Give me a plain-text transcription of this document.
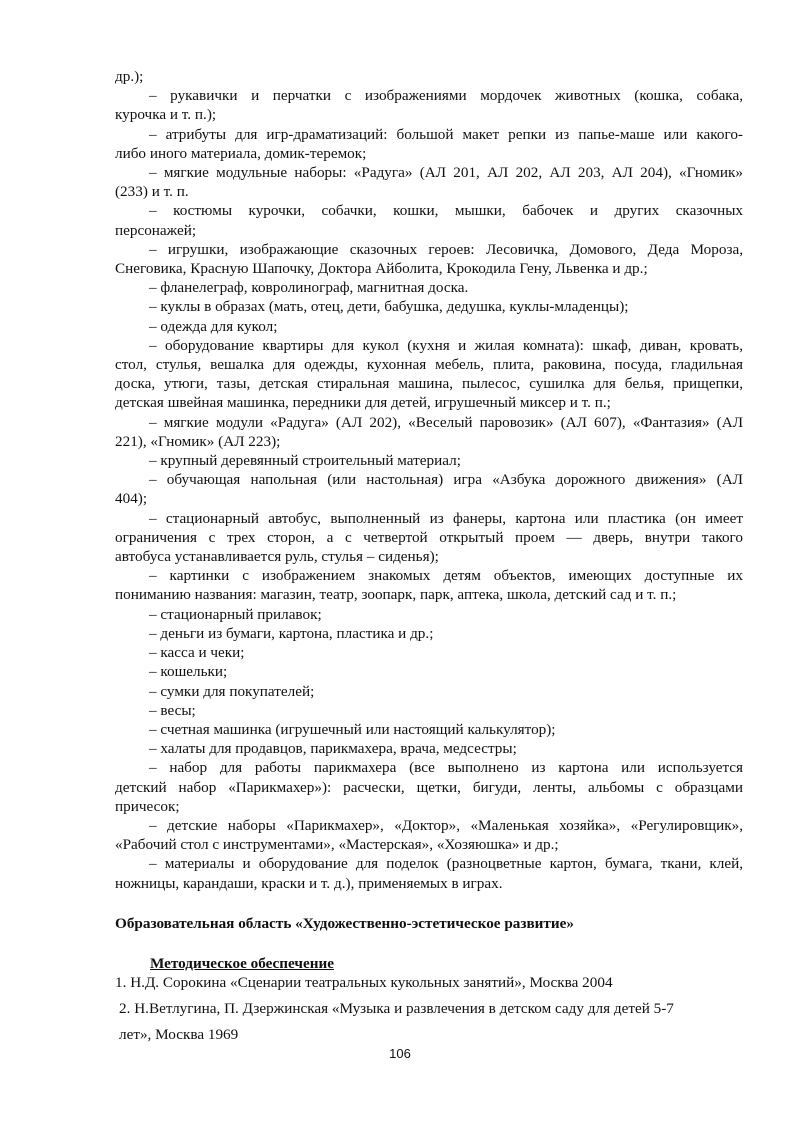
др.);

– рукавички и перчатки с изображениями мордочек животных (кошка, собака,

курочка и т. п.);

– атрибуты для игр-драматизаций: большой макет репки из папье-маше или какого-

либо иного материала, домик-теремок;

– мягкие модульные наборы: «Радуга» (АЛ 201, АЛ 202, АЛ 203, АЛ 204), «Гномик»

(233) и т. п.

– костюмы курочки, собачки, кошки, мышки, бабочек и других сказочных

персонажей;

– игрушки, изображающие сказочных героев: Лесовичка, Домового, Деда Мороза,

Снеговика, Красную Шапочку, Доктора Айболита, Крокодила Гену, Львенка и др.;

– фланелеграф, ковролинограф, магнитная доска.

– куклы в образах (мать, отец, дети, бабушка, дедушка, куклы-младенцы);

– одежда для кукол;

– оборудование квартиры для кукол (кухня и жилая комната): шкаф, диван, кровать,

стол, стулья, вешалка для одежды, кухонная мебель, плита, раковина, посуда, гладильная

доска, утюги, тазы, детская стиральная машина, пылесос, сушилка для белья, прищепки,

детская швейная машинка, передники для детей, игрушечный миксер и т. п.;

– мягкие модули «Радуга» (АЛ 202), «Веселый паровозик» (АЛ 607), «Фантазия» (АЛ

221), «Гномик» (АЛ 223);

– крупный деревянный строительный материал;

– обучающая напольная (или настольная) игра «Азбука дорожного движения» (АЛ

404);

– стационарный автобус, выполненный из фанеры, картона или пластика (он имеет

ограничения с трех сторон, а с четвертой открытый проем — дверь, внутри такого

автобуса устанавливается руль, стулья – сиденья);

– картинки с изображением знакомых детям объектов, имеющих доступные их

пониманию названия: магазин, театр, зоопарк, парк, аптека, школа, детский сад и т. п.;

– стационарный прилавок;

– деньги из бумаги, картона, пластика и др.;

– касса и чеки;

– кошельки;

– сумки для покупателей;

– весы;

– счетная машинка (игрушечный или настоящий калькулятор);

– халаты для продавцов, парикмахера, врача, медсестры;

– набор для работы парикмахера (все выполнено из картона или используется

детский набор «Парикмахер»): расчески, щетки, бигуди, ленты, альбомы с образцами

причесок;

– детские наборы «Парикмахер», «Доктор», «Маленькая хозяйка», «Регулировщик»,

«Рабочий стол с инструментами», «Мастерская», «Хозяюшка» и др.;

– материалы и оборудование для поделок (разноцветные картон, бумага, ткани, клей,

ножницы, карандаши, краски и т. д.), применяемых в играх.

Образовательная область «Художественно-эстетическое развитие»

Методическое обеспечение

1. Н.Д. Сорокина «Сценарии театральных кукольных занятий», Москва 2004

2. Н.Ветлугина, П. Дзержинская «Музыка и развлечения в детском саду для детей 5-7

лет», Москва 1969

106
